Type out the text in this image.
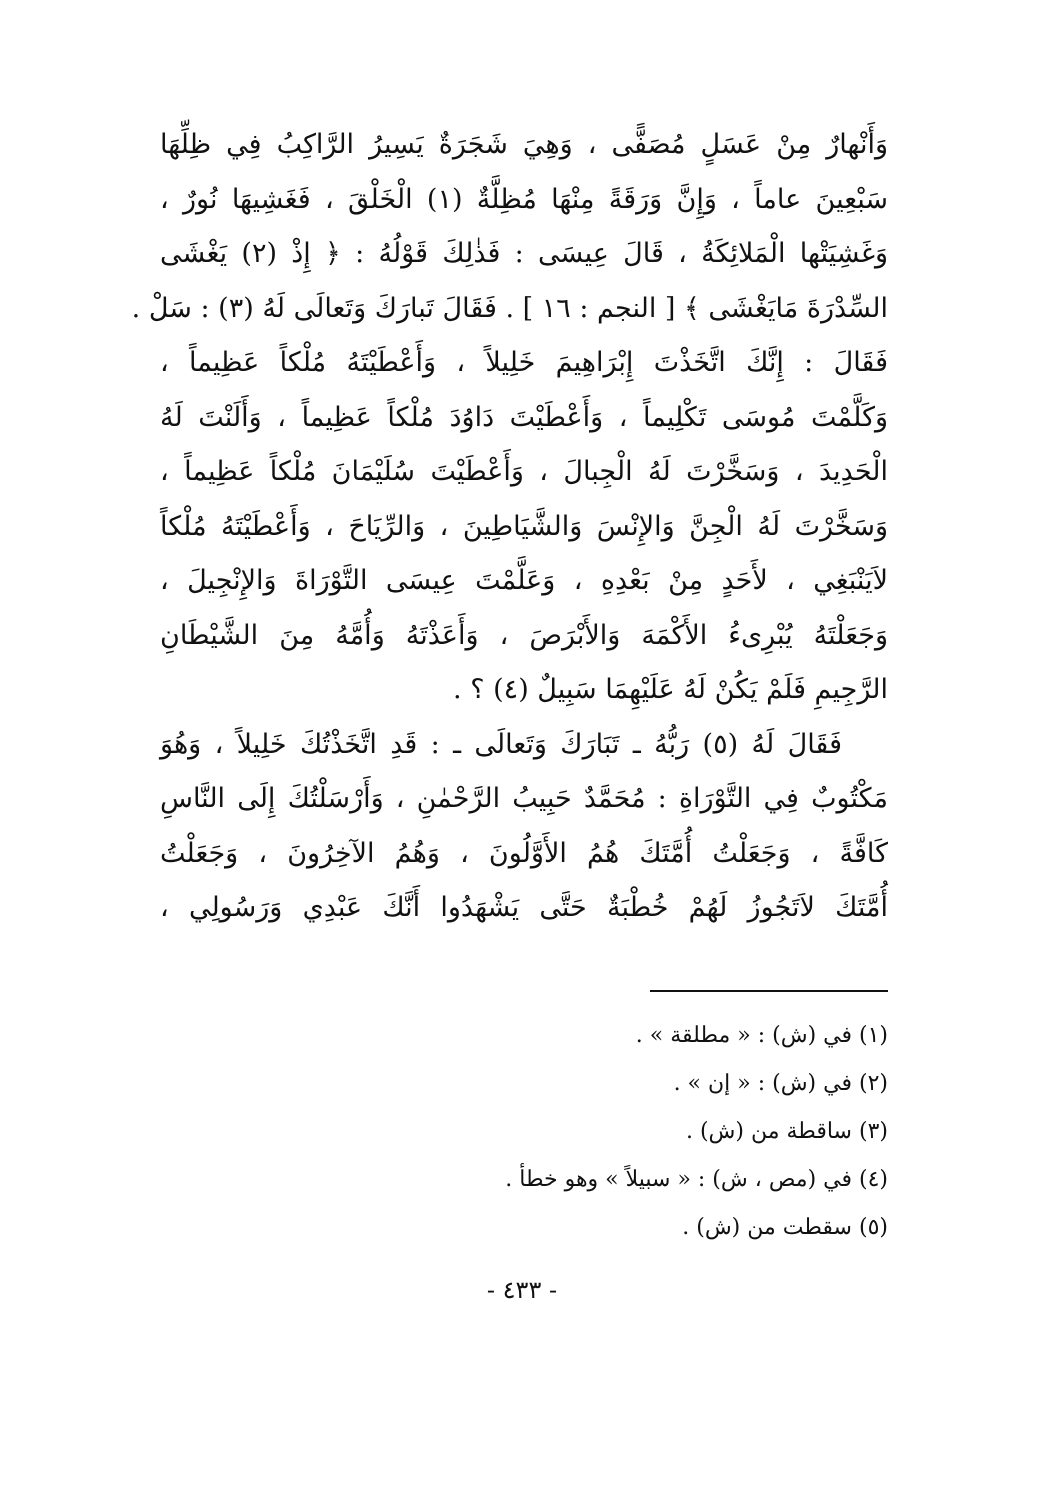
وَأَنْهارٌ مِنْ عَسَلٍ مُصَفًّى ، وَهِيَ شَجَرَةٌ يَسِيرُ الرَّاكِبُ فِي ظِلِّهَا
سَبْعِينَ عاماً ، وَإِنَّ وَرَقَةً مِنْهَا مُظِلَّةٌ (١) الْخَلْقَ ، فَغَشِيهَا نُورٌ ،
وَغَشِيَتْها الْمَلائِكَةُ ، قَالَ عِيسَى : فَذٰلِكَ قَوْلُهُ : ﴿ إِذْ (٢) يَغْشَى
السِّدْرَةَ مَايَغْشَى ﴾ [ النجم : ١٦ ] . فَقَالَ تَبارَكَ وَتَعالَى لَهُ (٣) : سَلْ .
فَقَالَ : إِنَّكَ اتَّخَذْتَ إِبْرَاهِيمَ خَلِيلاً ، وَأَعْطَيْتَهُ مُلْكاً عَظِيماً ،
وَكَلَّمْتَ مُوسَى تَكْلِيماً ، وَأَعْطَيْتَ دَاوُدَ مُلْكاً عَظِيماً ، وَأَلَنْتَ لَهُ
الْحَدِيدَ ، وَسَخَّرْتَ لَهُ الْجِبالَ ، وَأَعْطَيْتَ سُلَيْمَانَ مُلْكاً عَظِيماً ،
وَسَخَّرْتَ لَهُ الْجِنَّ وَالإِنْسَ وَالشَّيَاطِينَ ، وَالرِّيَاحَ ، وَأَعْطَيْتَهُ مُلْكاً
لاَيَنْبَغِي ، لأَحَدٍ مِنْ بَعْدِهِ ، وَعَلَّمْتَ عِيسَى التَّوْرَاةَ وَالإِنْجِيلَ ،
وَجَعَلْتَهُ يُبْرِىءُ الأَكْمَهَ وَالأَبْرَصَ ، وَأَعَذْتَهُ وَأُمَّهُ مِنَ الشَّيْطَانِ
الرَّجِيمِ فَلَمْ يَكُنْ لَهُ عَلَيْهِمَا سَبِيلٌ (٤) ؟ .
فَقَالَ لَهُ (٥) رَبُّهُ ـ تَبَارَكَ وَتَعالَى ـ : قَدِ اتَّخَذْتُكَ خَلِيلاً ، وَهُوَ
مَكْتُوبٌ فِي التَّوْرَاةِ : مُحَمَّدٌ حَبِيبُ الرَّحْمٰنِ ، وَأَرْسَلْتُكَ إِلَى النَّاسِ
كَافَّةً ، وَجَعَلْتُ أُمَّتَكَ هُمُ الأَوَّلُونَ ، وَهُمُ الآخِرُونَ ، وَجَعَلْتُ
أُمَّتَكَ لاَتَجُوزُ لَهُمْ خُطْبَةٌ حَتَّى يَشْهَدُوا أَنَّكَ عَبْدِي وَرَسُولِي ،
(١) في (ش) : « مطلقة » .
(٢) في (ش) : « إن » .
(٣) ساقطة من (ش) .
(٤) في (مص ، ش) : « سبيلاً » وهو خطأ .
(٥) سقطت من (ش) .
- ٤٣٣ -
